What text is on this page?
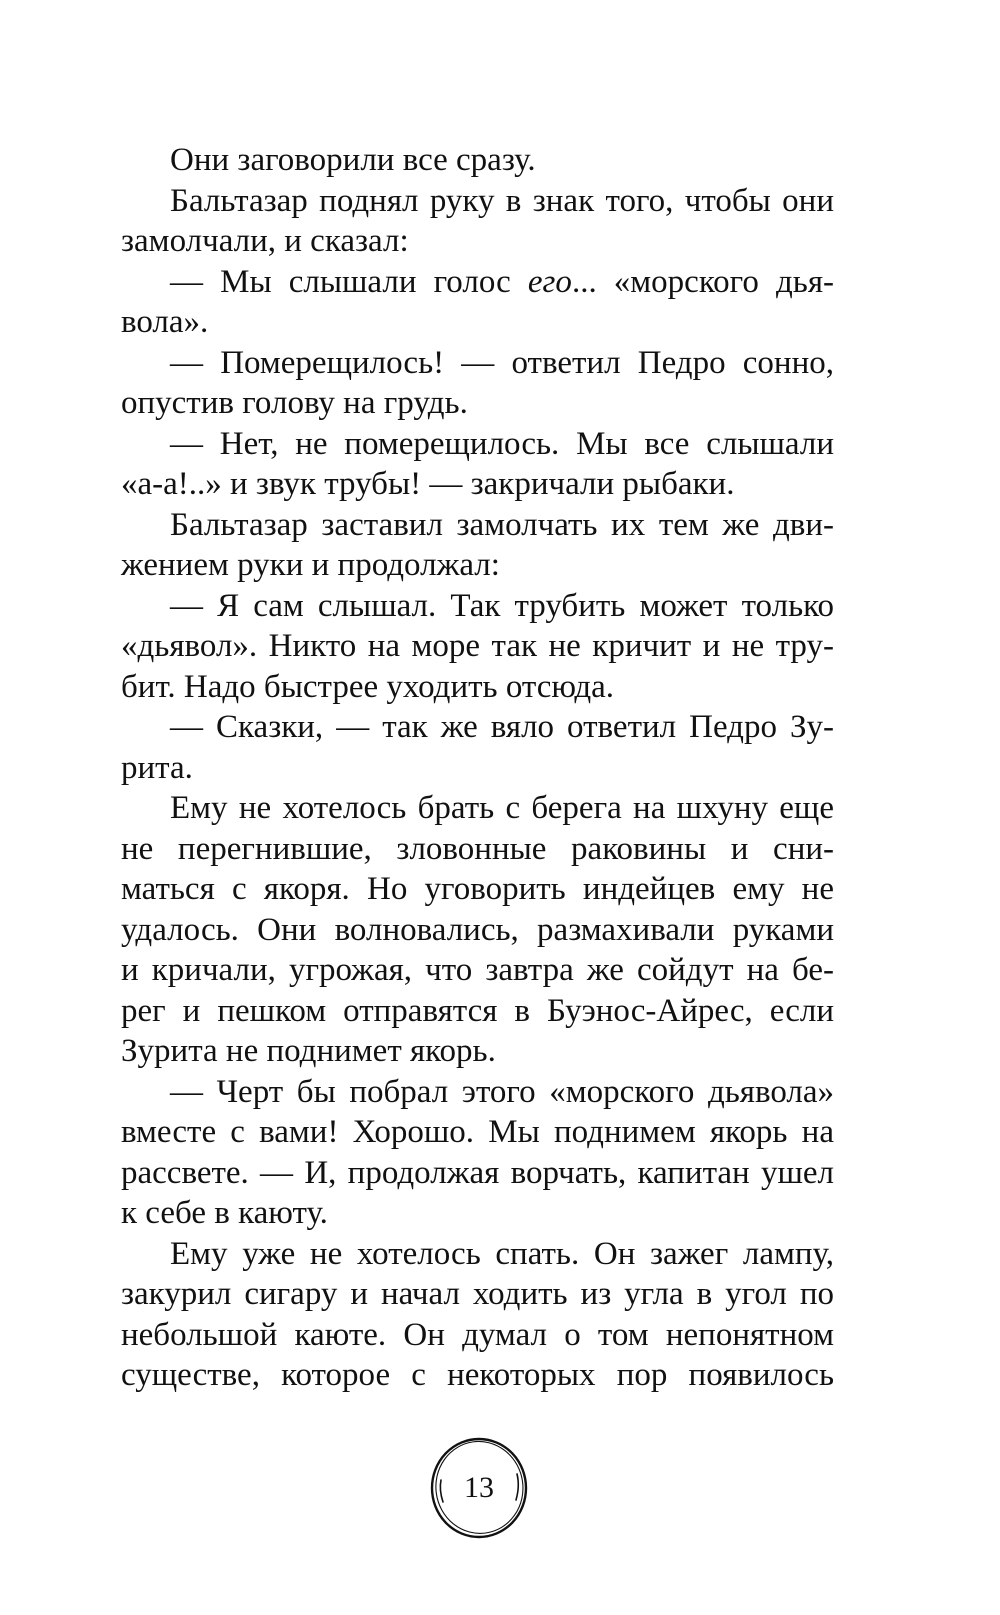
Они заговорили все сразу.
Бальтазар поднял руку в знак того, чтобы они
замолчали, и сказал:
— Мы слышали голос его... «морского дья-
вола».
— Померещилось! — ответил Педро сонно,
опустив голову на грудь.
— Нет, не померещилось. Мы все слышали
«а-а!..» и звук трубы! — закричали рыбаки.
Бальтазар заставил замолчать их тем же дви-
жением руки и продолжал:
— Я сам слышал. Так трубить может только
«дьявол». Никто на море так не кричит и не тру-
бит. Надо быстрее уходить отсюда.
— Сказки, — так же вяло ответил Педро Зу-
рита.
Ему не хотелось брать с берега на шхуну еще
не перегнившие, зловонные раковины и сни-
маться с якоря. Но уговорить индейцев ему не
удалось. Они волновались, размахивали руками
и кричали, угрожая, что завтра же сойдут на бе-
рег и пешком отправятся в Буэнос-Айрес, если
Зурита не поднимет якорь.
— Черт бы побрал этого «морского дьявола»
вместе с вами! Хорошо. Мы поднимем якорь на
рассвете. — И, продолжая ворчать, капитан ушел
к себе в каюту.
Ему уже не хотелось спать. Он зажег лампу,
закурил сигару и начал ходить из угла в угол по
небольшой каюте. Он думал о том непонятном
существе, которое с некоторых пор появилось
13
